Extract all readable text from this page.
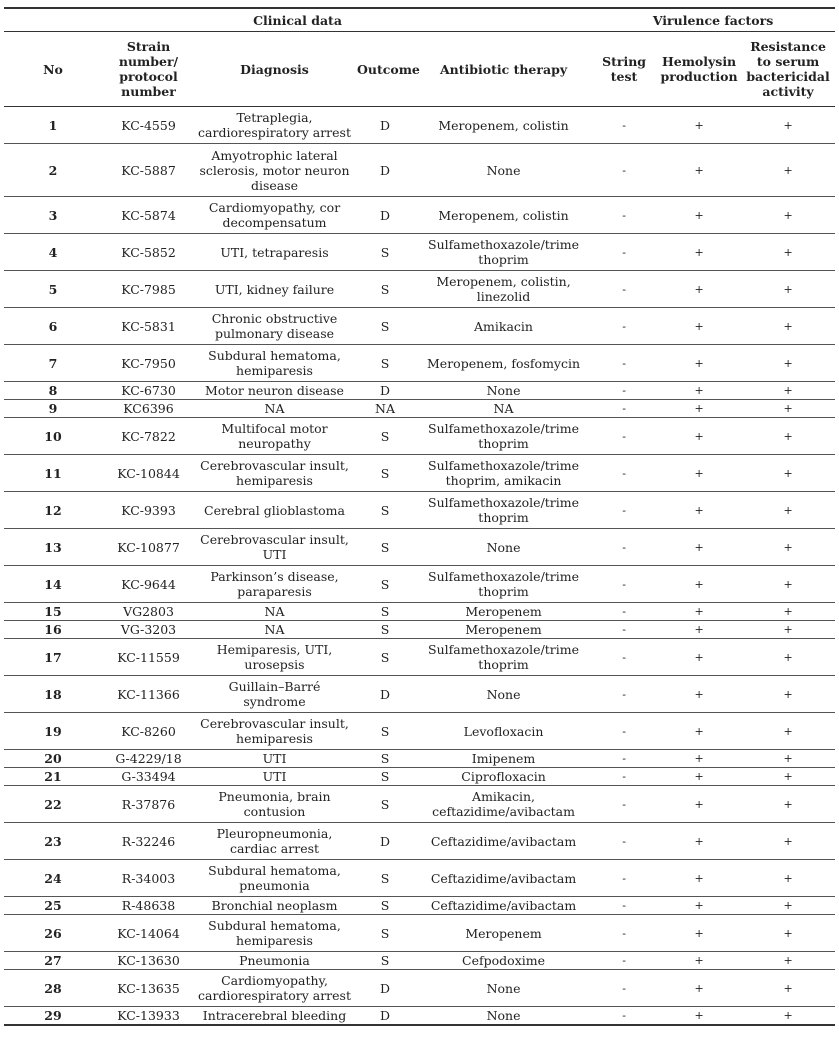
Clinical data					Virulence factors		
No	Strain number/ protocol number	Diagnosis	Outcome	Antibiotic therapy	String test	Hemolysin production	Resistance to serum bactericidal activity
1	KC-4559	Tetraplegia, cardiorespiratory arrest	D	Meropenem, colistin	-	+	+
2	KC-5887	Amyotrophic lateral sclerosis, motor neuron disease	D	None	-	+	+
3	KC-5874	Cardiomyopathy, cor decompensatum	D	Meropenem, colistin	-	+	+
4	KC-5852	UTI, tetraparesis	S	Sulfamethoxazole/trime thoprim	-	+	+
5	KC-7985	UTI, kidney failure	S	Meropenem, colistin, linezolid	-	+	+
6	KC-5831	Chronic obstructive pulmonary disease	S	Amikacin	-	+	+
7	KC-7950	Subdural hematoma, hemiparesis	S	Meropenem, fosfomycin	-	+	+
8	KC-6730	Motor neuron disease	D	None	-	+	+
9	KC6396	NA	NA	NA	-	+	+
10	KC-7822	Multifocal motor neuropathy	S	Sulfamethoxazole/trime thoprim	-	+	+
11	KC-10844	Cerebrovascular insult, hemiparesis	S	Sulfamethoxazole/trime thoprim, amikacin	-	+	+
12	KC-9393	Cerebral glioblastoma	S	Sulfamethoxazole/trime thoprim	-	+	+
13	KC-10877	Cerebrovascular insult, UTI	S	None	-	+	+
14	KC-9644	Parkinson’s disease, paraparesis	S	Sulfamethoxazole/trime thoprim	-	+	+
15	VG2803	NA	S	Meropenem	-	+	+
16	VG-3203	NA	S	Meropenem	-	+	+
17	KC-11559	Hemiparesis, UTI, urosepsis	S	Sulfamethoxazole/trime thoprim	-	+	+
18	KC-11366	Guillain–Barré syndrome	D	None	-	+	+
19	KC-8260	Cerebrovascular insult, hemiparesis	S	Levofloxacin	-	+	+
20	G-4229/18	UTI	S	Imipenem	-	+	+
21	G-33494	UTI	S	Ciprofloxacin	-	+	+
22	R-37876	Pneumonia, brain contusion	S	Amikacin, ceftazidime/avibactam	-	+	+
23	R-32246	Pleuropneumonia, cardiac arrest	D	Ceftazidime/avibactam	-	+	+
24	R-34003	Subdural hematoma, pneumonia	S	Ceftazidime/avibactam	-	+	+
25	R-48638	Bronchial neoplasm	S	Ceftazidime/avibactam	-	+	+
26	KC-14064	Subdural hematoma, hemiparesis	S	Meropenem	-	+	+
27	KC-13630	Pneumonia	S	Cefpodoxime	-	+	+
28	KC-13635	Cardiomyopathy, cardiorespiratory arrest	D	None	-	+	+
29	KC-13933	Intracerebral bleeding	D	None	-	+	+
